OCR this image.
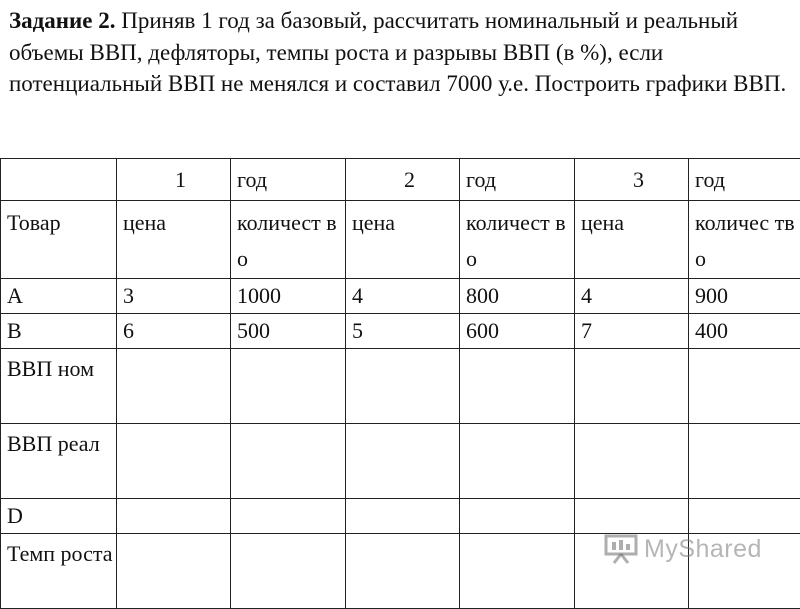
Задание 2. Приняв 1 год за базовый, рассчитать номинальный и реальный объемы ВВП, дефляторы, темпы роста и разрывы ВВП (в %), если потенциальный ВВП не менялся и составил 7000 у.е. Построить графики ВВП.

	1	год	2	год	3	год
Товар	цена	количест во	цена	количест во	цена	количес тво
A	3	1000	4	800	4	900
B	6	500	5	600	7	400
ВВП ном						
ВВП реал						
D						
Темп роста							MyShared
